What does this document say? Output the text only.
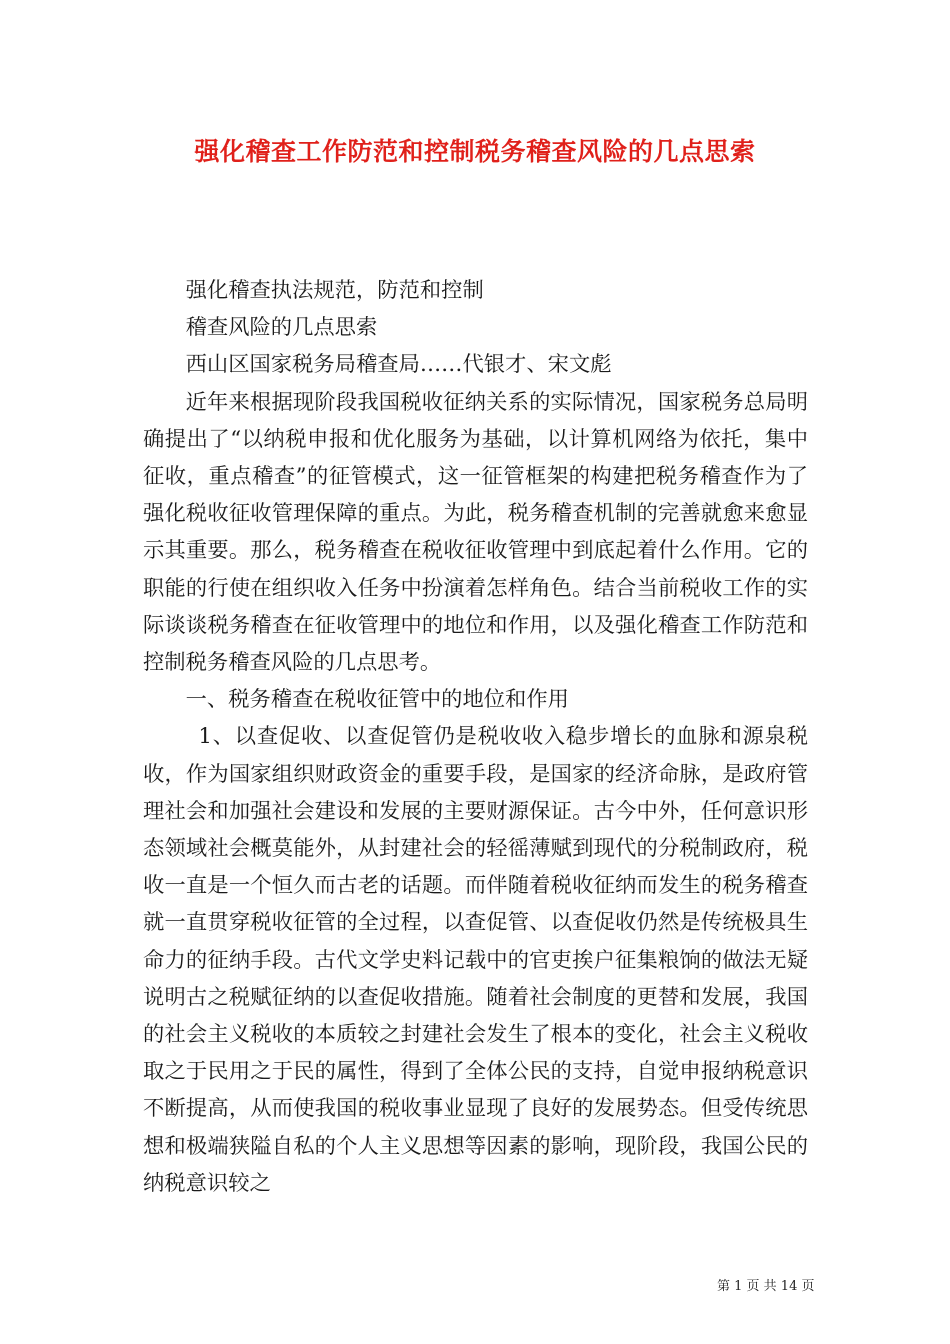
强化稽查工作防范和控制税务稽查风险的几点思索

强化稽查执法规范，防范和控制

稽查风险的几点思索

西山区国家税务局稽查局……代银才、宋文彪

近年来根据现阶段我国税收征纳关系的实际情况，国家税务总局明确提出了“以纳税申报和优化服务为基础，以计算机网络为依托，集中征收，重点稽查”的征管模式，这一征管框架的构建把税务稽查作为了强化税收征收管理保障的重点。为此，税务稽查机制的完善就愈来愈显示其重要。那么，税务稽查在税收征收管理中到底起着什么作用。它的职能的行使在组织收入任务中扮演着怎样角色。结合当前税收工作的实际谈谈税务稽查在征收管理中的地位和作用，以及强化稽查工作防范和控制税务稽查风险的几点思考。

一、税务稽查在税收征管中的地位和作用

1、以查促收、以查促管仍是税收收入稳步增长的血脉和源泉税收，作为国家组织财政资金的重要手段，是国家的经济命脉，是政府管理社会和加强社会建设和发展的主要财源保证。古今中外，任何意识形态领域社会概莫能外，从封建社会的轻徭薄赋到现代的分税制政府，税收一直是一个恒久而古老的话题。而伴随着税收征纳而发生的税务稽查就一直贯穿税收征管的全过程，以查促管、以查促收仍然是传统极具生命力的征纳手段。古代文学史料记载中的官吏挨户征集粮饷的做法无疑说明古之税赋征纳的以查促收措施。随着社会制度的更替和发展，我国的社会主义税收的本质较之封建社会发生了根本的变化，社会主义税收取之于民用之于民的属性，得到了全体公民的支持，自觉申报纳税意识不断提高，从而使我国的税收事业显现了良好的发展势态。但受传统思想和极端狭隘自私的个人主义思想等因素的影响，现阶段，我国公民的纳税意识较之

第 1 页 共 14 页
